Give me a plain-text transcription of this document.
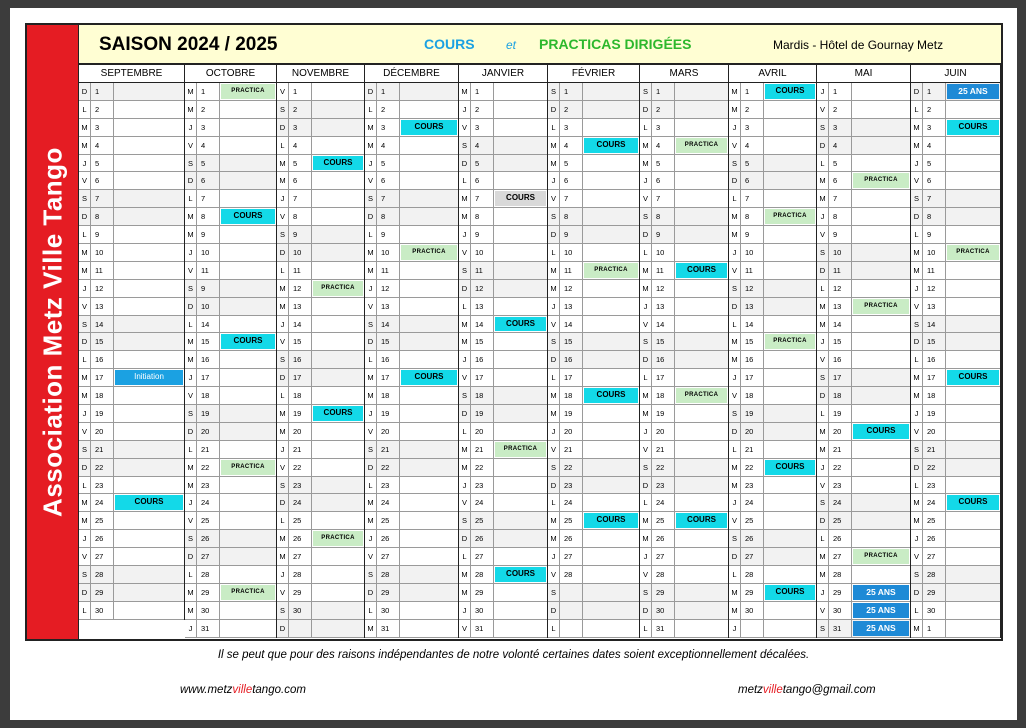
Association Metz Ville Tango
SAISON 2024 / 2025	COURS	et PRACTICAS DIRIGÉES	Mardis - Hôtel de Gournay Metz
SEPTEMBRE
D	1
L	2
M 3
M 4
J	5
V	6
S	7
D	8
L	9
M 10
M 11
J	12
V	13
S	14
D	15
L	16
M 17	Initiation
M 18
J	19
V	20
S	21
D	22
L	23
M 24	COURS
M 25
J	26
V	27
S	28
D	29
L	30
OCTOBRE
M 1	PRACTICA
M 2
J	3
V	4
S	5
D	6
L	7
M 8	COURS
M 9
J	10
V	11
S	9
D	10
L	14
M 15	COURS
M 16
J	17
V	18
S	19
D	20
L	21
M 22	PRACTICA
M 23
J	24
V	25
S	26
D	27
L	28
M 29	PRACTICA
M 30
J	31
NOVEMBRE
V	1
S	2
D	3
L	4
M 5	COURS
M 6
J	7
V	8
S	9
D	10
L	11
M 12	PRACTICA
M 13
J	14
V	15
S	16
D	17
L	18
M 19	COURS
M 20
J	21
V	22
S	23
D	24
L	25
M 26	PRACTICA
M 27
J	28
V	29
S	30
D
DÉCEMBRE
D	1
L	2
M 3	COURS
M 4
J	5
V	6
S	7
D	8
L	9
M 10	PRACTICA
M 11
J	12
V	13
S	14
D	15
L	16
M 17	COURS
M 18
J	19
V	20
S	21
D	22
L	23
M 24
M 25
J	26
V	27
S	28
D	29
L	30
M 31
JANVIER
M 1
J	2
V	3
S	4
D	5
L	6
M 7	COURS
M 8
J	9
V	10
S	11
D	12
L	13
M 14	COURS
M 15
J	16
V	17
S	18
D	19
L	20
M 21	PRACTICA
M 22
J	23
V	24
S	25
D	26
L	27
M 28	COURS
M 29
J	30
V	31
FÉVRIER
S	1
D	2
L	3
M 4	COURS
M 5
J	6
V	7
S	8
D	9
L	10
M 11	PRACTICA
M 12
J	13
V	14
S	15
D	16
L	17
M 18	COURS
M 19
J	20
V	21
S	22
D	23
L	24
M 25	COURS
M 26
J	27
V	28
S
D
L
MARS
S	1
D	2
L	3
M 4	PRACTICA
M 5
J	6
V	7
S	8
D	9
L	10
M 11	COURS
M 12
J	13
V	14
S	15
D	16
L	17
M 18	PRACTICA
M 19
J	20
V	21
S	22
D	23
L	24
M 25	COURS
M 26
J	27
V	28
S	29
D	30
L	31
AVRIL
M 1	COURS
M 2
J	3
V	4
S	5
D	6
L	7
M 8	PRACTICA
M 9
J	10
V	11
S	12
D	13
L	14
M 15	PRACTICA
M 16
J	17
V	18
S	19
D	20
L	21
M 22	COURS
M 23
J	24
V	25
S	26
D	27
L	28
M 29	COURS
M 30
J
MAI
J	1
V	2
S	3
D	4
L	5
M 6	PRACTICA
M 7
J	8
V	9
S	10
D	11
L	12
M 13	PRACTICA
M 14
J	15
V	16
S	17
D	18
L	19
M 20	COURS
M 21
J	22
V	23
S	24
D	25
L	26
M 27	PRACTICA
M 28
J	29	25 ANS
V	30	25 ANS
S	31	25 ANS
JUIN
D	1	25 ANS
L	2
M 3	COURS
M 4
J	5
V	6
S	7
D	8
L	9
M 10	PRACTICA
M 11
J	12
V	13
S	14
D	15
L	16
M 17	COURS
M 18
J	19
V	20
S	21
D	22
L	23
M 24	COURS
M 25
J	26
V	27
S	28
D	29
L	30
M 1
Il se peut que pour des raisons indépendantes de notre volonté certaines dates soient exceptionnellement décalées.
www.metzvilletango.com	metzvilletango@gmail.com
